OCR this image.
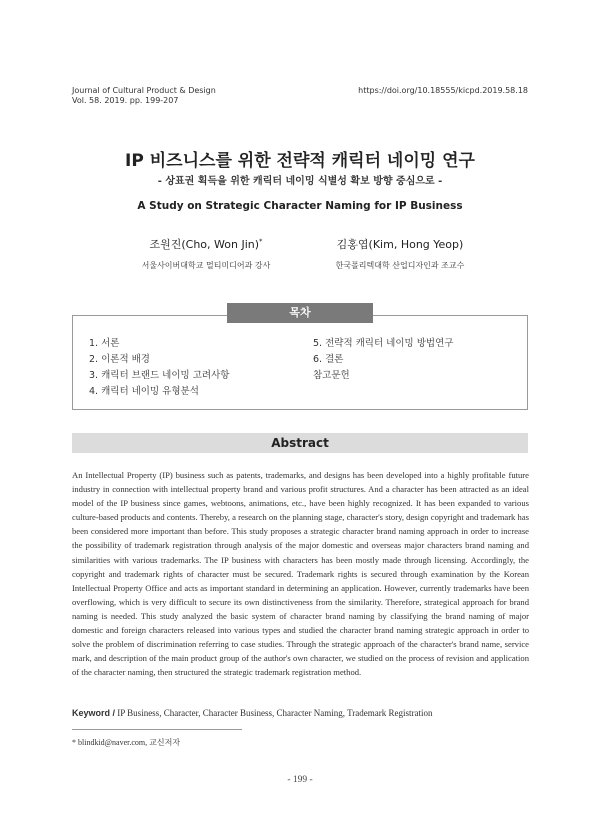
Journal of Cultural Product & Design
Vol. 58. 2019. pp. 199-207
https://doi.org/10.18555/kicpd.2019.58.18
IP 비즈니스를 위한 전략적 캐릭터 네이밍 연구
- 상표권 획득을 위한 캐릭터 네이밍 식별성 확보 방향 중심으로 -
A Study on Strategic Character Naming for IP Business
조원진(Cho, Won Jin)*
서울사이버대학교 멀티미디어과 강사
김홍엽(Kim, Hong Yeop)
한국폴리텍대학 산업디자인과 조교수
1. 서론
2. 이론적 배경
3. 캐릭터 브랜드 네이밍 고려사항
4. 캐릭터 네이밍 유형분석
5. 전략적 캐릭터 네이밍 방법연구
6. 결론
참고문헌
목차
Abstract
An Intellectual Property (IP) business such as patents, trademarks, and designs has been developed into a highly profitable future industry in connection with intellectual property brand and various profit structures. And a character has been attracted as an ideal model of the IP business since games, webtoons, animations, etc., have been highly recognized. It has been expanded to various culture-based products and contents. Thereby, a research on the planning stage, character's story, design copyright and trademark has been considered more important than before. This study proposes a strategic character brand naming approach in order to increase the possibility of trademark registration through analysis of the major domestic and overseas major characters brand naming and similarities with various trademarks. The IP business with characters has been mostly made through licensing. Accordingly, the copyright and trademark rights of character must be secured. Trademark rights is secured through examination by the Korean Intellectual Property Office and acts as important standard in determining an application. However, currently trademarks have been overflowing, which is very difficult to secure its own distinctiveness from the similarity. Therefore, strategical approach for brand naming is needed. This study analyzed the basic system of character brand naming by classifying the brand naming of major domestic and foreign characters released into various types and studied the character brand naming strategic approach in order to solve the problem of discrimination referring to case studies. Through the strategic approach of the character's brand name, service mark, and description of the main product group of the author's own character, we studied on the process of revision and application of the character naming, then structured the strategic trademark registration method.
Keyword / IP Business, Character, Character Business, Character Naming, Trademark Registration
* blindkid@naver.com, 교신저자
- 199 -
